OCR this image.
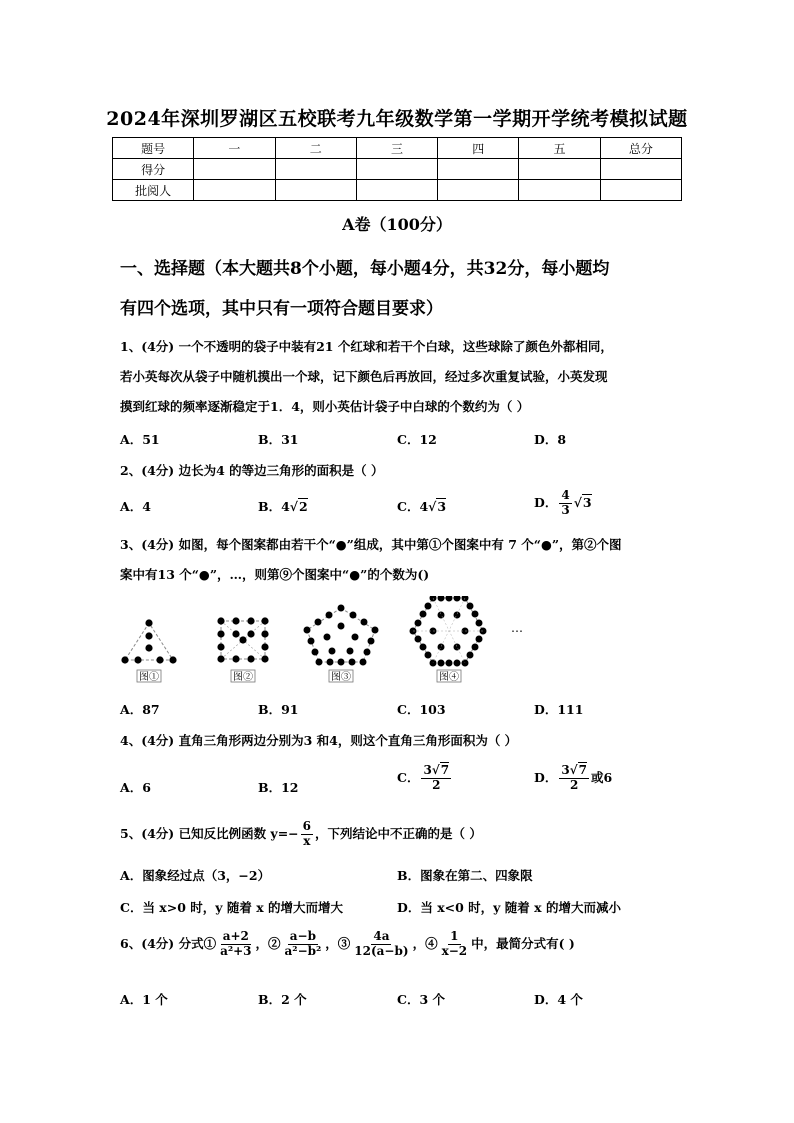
2024年深圳罗湖区五校联考九年级数学第一学期开学统考模拟试题
题号	一	二	三	四	五	总分
得分						
批阅人						
A卷（100分）
一、选择题（本大题共8个小题，每小题4分，共32分，每小题均
有四个选项，其中只有一项符合题目要求）
1、(4分) 一个不透明的袋子中装有21 个红球和若干个白球，这些球除了颜色外都相同，
若小英每次从袋子中随机摸出一个球，记下颜色后再放回，经过多次重复试验，小英发现
摸到红球的频率逐渐稳定于1．4，则小英估计袋子中白球的个数约为（ ）
A．51	B．31	C．12	D．8
2、(4分) 边长为4 的等边三角形的面积是（ ）
A．4	B．4√2	C．4√3	D． $\frac{4}{3} √3$
3、(4分) 如图，每个图案都由若干个“●”组成，其中第①个图案中有 7 个“●”，第②个图
案中有13 个“●”，…，则第⑨个图案中“●”的个数为()
图①	图②	图③	图④
…
A．87	B．91	C．103	D．111
4、(4分) 直角三角形两边分别为3 和4，则这个直角三角形面积为（ ）
A．6	B．12
C． $\frac{3√7}{2}$	D． $\frac{3√7}{2}$ 或6
5、(4分) 已知反比例函数 $y=- \frac{6}{x}$ ，下列结论中不正确的是（ ）
A．图象经过点（3，−2）	B．图象在第二、四象限
C．当 x>0 时，y 随着 x 的增大而增大	D．当 x<0 时，y 随着 x 的增大而减小
6、(4分) 分式① $\frac{a+2}{\text{a²+3}}$ ，② $\frac{a-b}{\text{a²−b²}}$ ，③ $\frac{4a}{12(a-b)}$ ，④ $\frac{1}{x-2}$ 中，最简分式有( )
A．1 个	B．2 个	C．3 个	D．4 个
